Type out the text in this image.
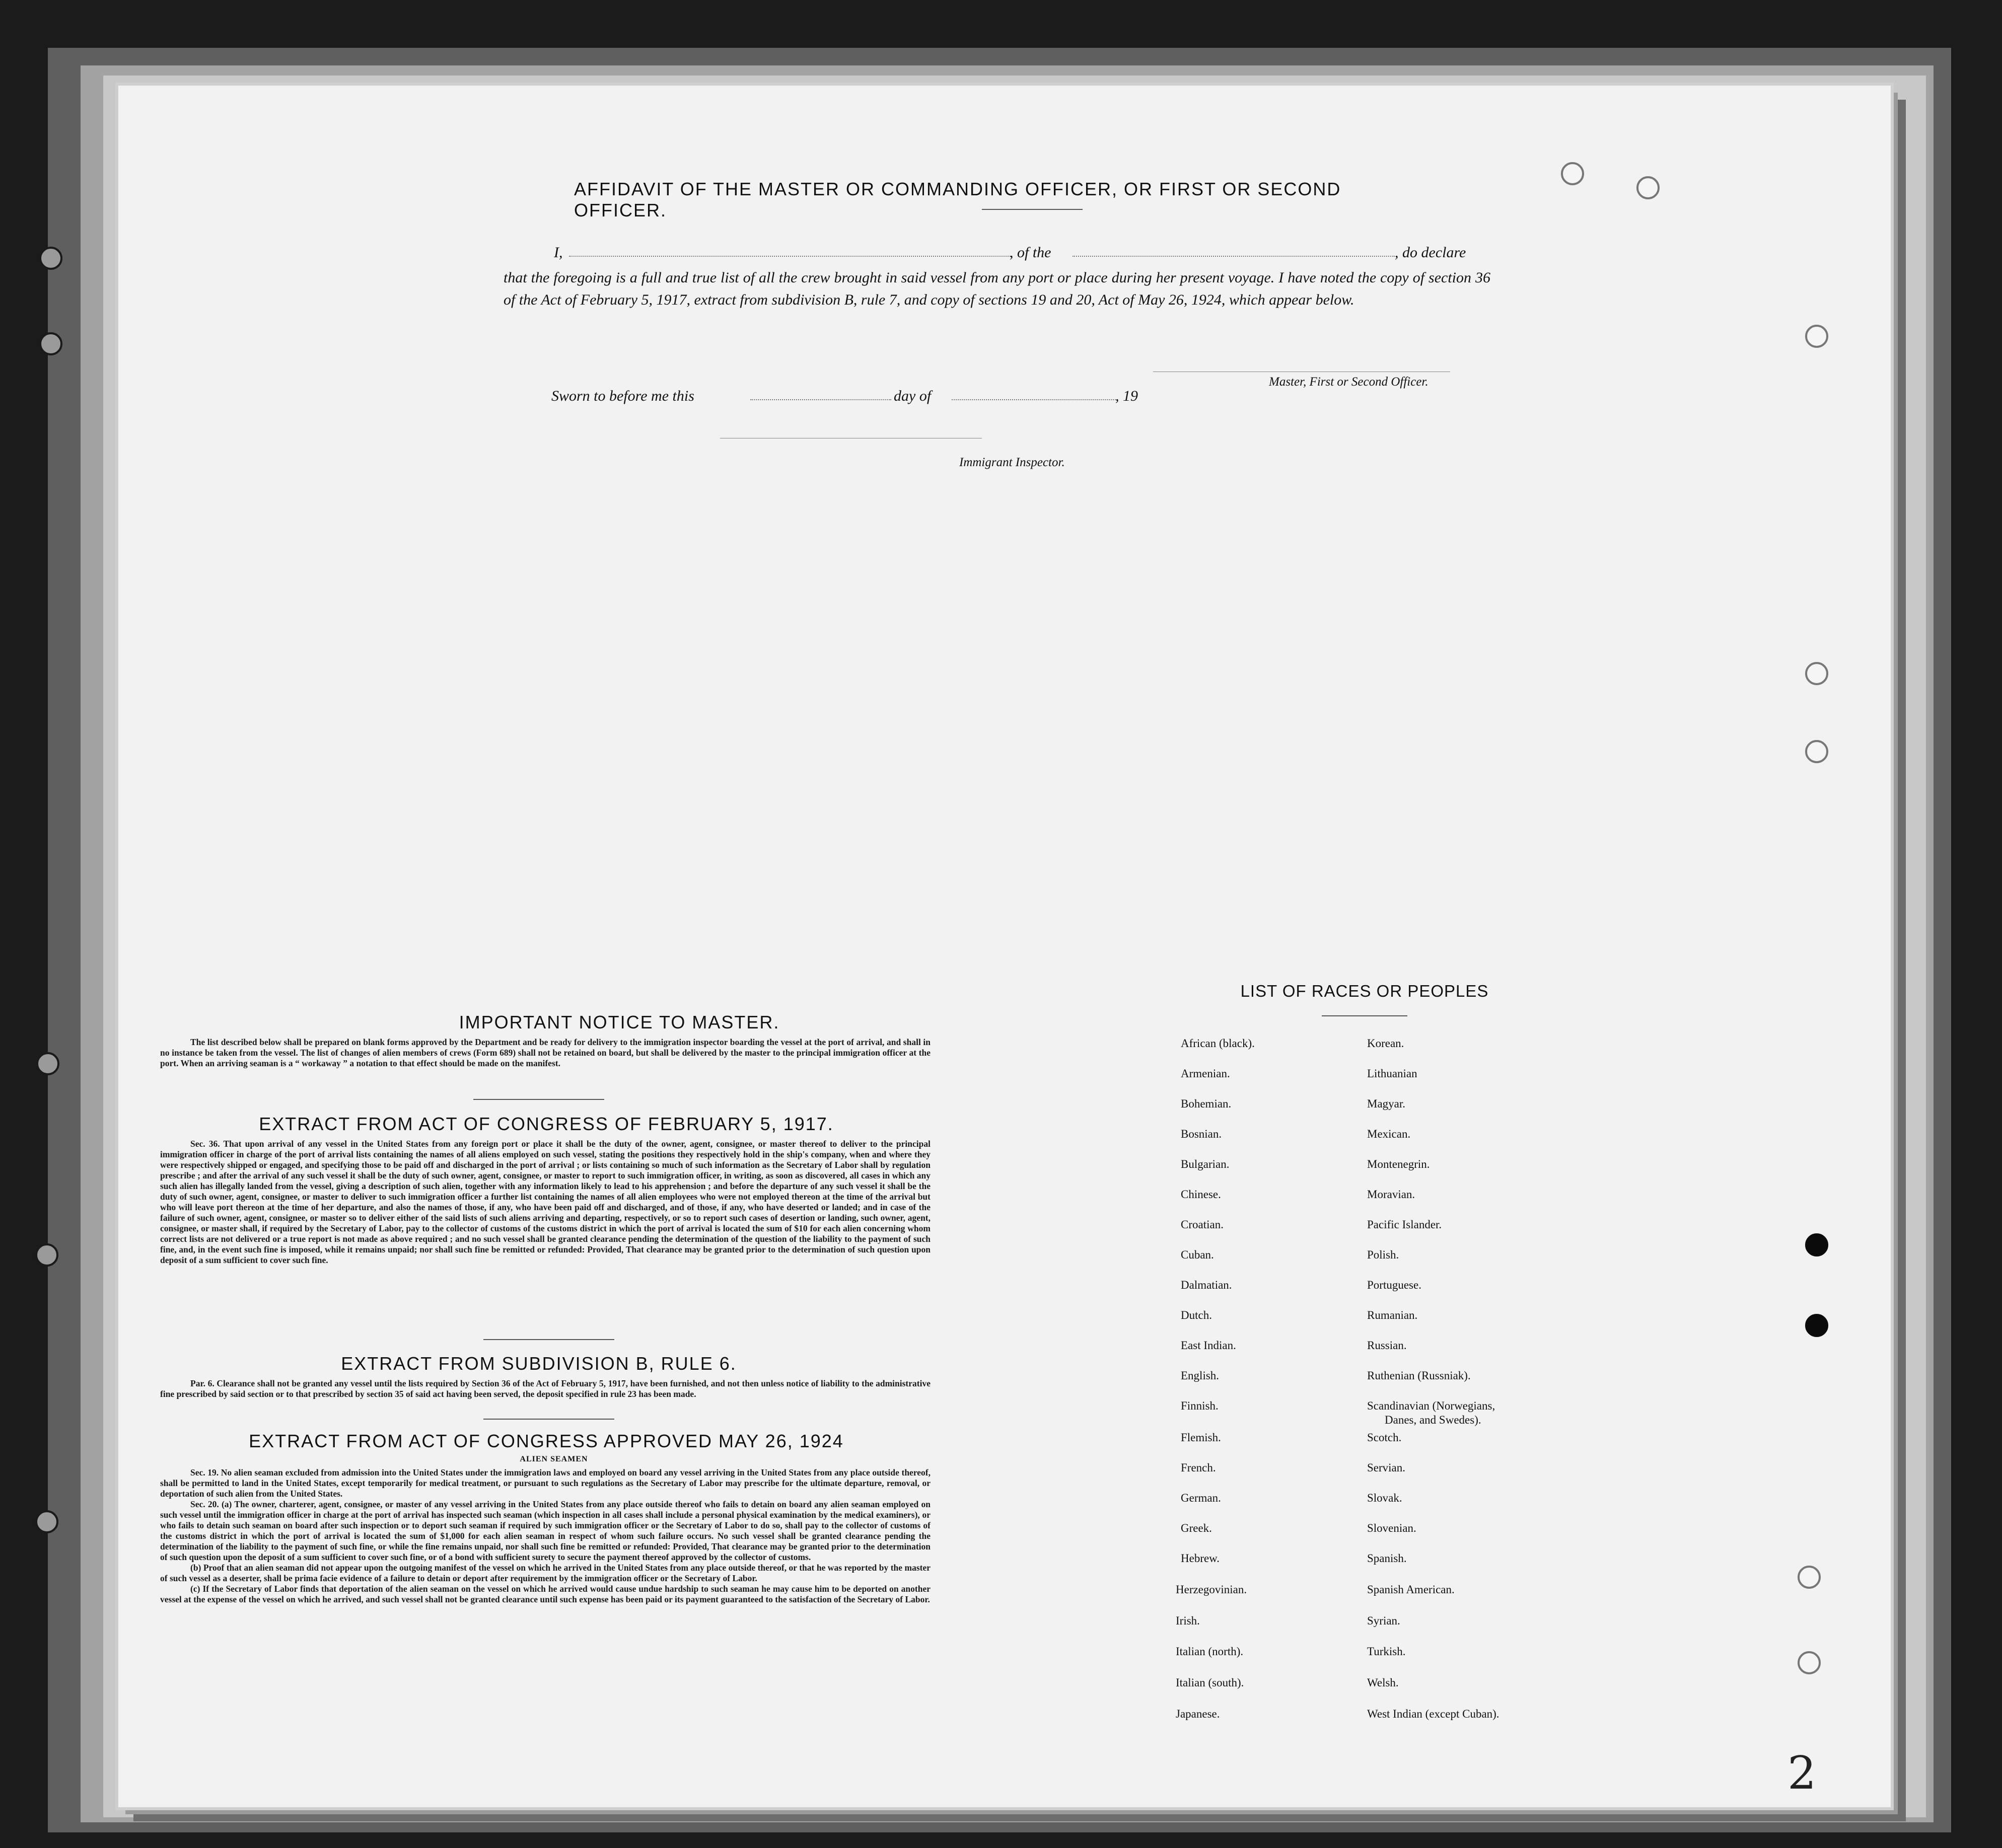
AFFIDAVIT OF THE MASTER OR COMMANDING OFFICER, OR FIRST OR SECOND OFFICER.
I,	, of the	, do declare
that the foregoing is a full and true list of all the crew brought in said vessel from any port or place during her present voyage. I have noted the copy of section 36 of the Act of February 5, 1917, extract from subdivision B, rule 7, and copy of sections 19 and 20, Act of May 26, 1924, which appear below.
Master, First or Second Officer.
Sworn to before me this	day of	, 19
Immigrant Inspector.
IMPORTANT NOTICE TO MASTER.

The list described below shall be prepared on blank forms approved by the Department and be ready for delivery to the immigration inspector boarding the vessel at the port of arrival, and shall in no instance be taken from the vessel. The list of changes of alien members of crews (Form 689) shall not be retained on board, but shall be delivered by the master to the principal immigration officer at the port. When an arriving seaman is a “ workaway ” a notation to that effect should be made on the manifest.

EXTRACT FROM ACT OF CONGRESS OF FEBRUARY 5, 1917.

Sec. 36. That upon arrival of any vessel in the United States from any foreign port or place it shall be the duty of the owner, agent, consignee, or master thereof to deliver to the principal immigration officer in charge of the port of arrival lists containing the names of all aliens employed on such vessel, stating the positions they respectively hold in the ship's company, when and where they were respectively shipped or engaged, and specifying those to be paid off and discharged in the port of arrival ; or lists containing so much of such information as the Secretary of Labor shall by regulation prescribe ; and after the arrival of any such vessel it shall be the duty of such owner, agent, consignee, or master to report to such immigration officer, in writing, as soon as discovered, all cases in which any such alien has illegally landed from the vessel, giving a description of such alien, together with any information likely to lead to his apprehension ; and before the departure of any such vessel it shall be the duty of such owner, agent, consignee, or master to deliver to such immigration officer a further list containing the names of all alien employees who were not employed thereon at the time of the arrival but who will leave port thereon at the time of her departure, and also the names of those, if any, who have been paid off and discharged, and of those, if any, who have deserted or landed; and in case of the failure of such owner, agent, consignee, or master so to deliver either of the said lists of such aliens arriving and departing, respectively, or so to report such cases of desertion or landing, such owner, agent, consignee, or master shall, if required by the Secretary of Labor, pay to the collector of customs of the customs district in which the port of arrival is located the sum of $10 for each alien concerning whom correct lists are not delivered or a true report is not made as above required ; and no such vessel shall be granted clearance pending the determination of the question of the liability to the payment of such fine, and, in the event such fine is imposed, while it remains unpaid; nor shall such fine be remitted or refunded: Provided, That clearance may be granted prior to the determination of such question upon deposit of a sum sufficient to cover such fine.

EXTRACT FROM SUBDIVISION B, RULE 6.

Par. 6. Clearance shall not be granted any vessel until the lists required by Section 36 of the Act of February 5, 1917, have been furnished, and not then unless notice of liability to the administrative fine prescribed by said section or to that prescribed by section 35 of said act having been served, the deposit specified in rule 23 has been made.

EXTRACT FROM ACT OF CONGRESS APPROVED MAY 26, 1924
ALIEN SEAMEN

Sec. 19. No alien seaman excluded from admission into the United States under the immigration laws and employed on board any vessel arriving in the United States from any place outside thereof, shall be permitted to land in the United States, except temporarily for medical treatment, or pursuant to such regulations as the Secretary of Labor may prescribe for the ultimate departure, removal, or deportation of such alien from the United States.

Sec. 20. (a) The owner, charterer, agent, consignee, or master of any vessel arriving in the United States from any place outside thereof who fails to detain on board any alien seaman employed on such vessel until the immigration officer in charge at the port of arrival has inspected such seaman (which inspection in all cases shall include a personal physical examination by the medical examiners), or who fails to detain such seaman on board after such inspection or to deport such seaman if required by such immigration officer or the Secretary of Labor to do so, shall pay to the collector of customs of the customs district in which the port of arrival is located the sum of $1,000 for each alien seaman in respect of whom such failure occurs. No such vessel shall be granted clearance pending the determination of the liability to the payment of such fine, or while the fine remains unpaid, nor shall such fine be remitted or refunded: Provided, That clearance may be granted prior to the determination of such question upon the deposit of a sum sufficient to cover such fine, or of a bond with sufficient surety to secure the payment thereof approved by the collector of customs.

(b) Proof that an alien seaman did not appear upon the outgoing manifest of the vessel on which he arrived in the United States from any place outside thereof, or that he was reported by the master of such vessel as a deserter, shall be prima facie evidence of a failure to detain or deport after requirement by the immigration officer or the Secretary of Labor.

(c) If the Secretary of Labor finds that deportation of the alien seaman on the vessel on which he arrived would cause undue hardship to such seaman he may cause him to be deported on another vessel at the expense of the vessel on which he arrived, and such vessel shall not be granted clearance until such expense has been paid or its payment guaranteed to the satisfaction of the Secretary of Labor.

LIST OF RACES OR PEOPLES
African (black).
Armenian.
Bohemian.
Bosnian.
Bulgarian.
Chinese.
Croatian.
Cuban.
Dalmatian.
Dutch.
East Indian.
English.
Finnish.
Flemish.
French.
German.
Greek.
Hebrew.
Herzegovinian.
Irish.
Italian (north).
Italian (south).
Japanese.
Korean.
Lithuanian
Magyar.
Mexican.
Montenegrin.
Moravian.
Pacific Islander.
Polish.
Portuguese.
Rumanian.
Russian.
Ruthenian (Russniak).
Scandinavian (Norwegians,
Danes, and Swedes).
Scotch.
Servian.
Slovak.
Slovenian.
Spanish.
Spanish American.
Syrian.
Turkish.
Welsh.
West Indian (except Cuban).
2
